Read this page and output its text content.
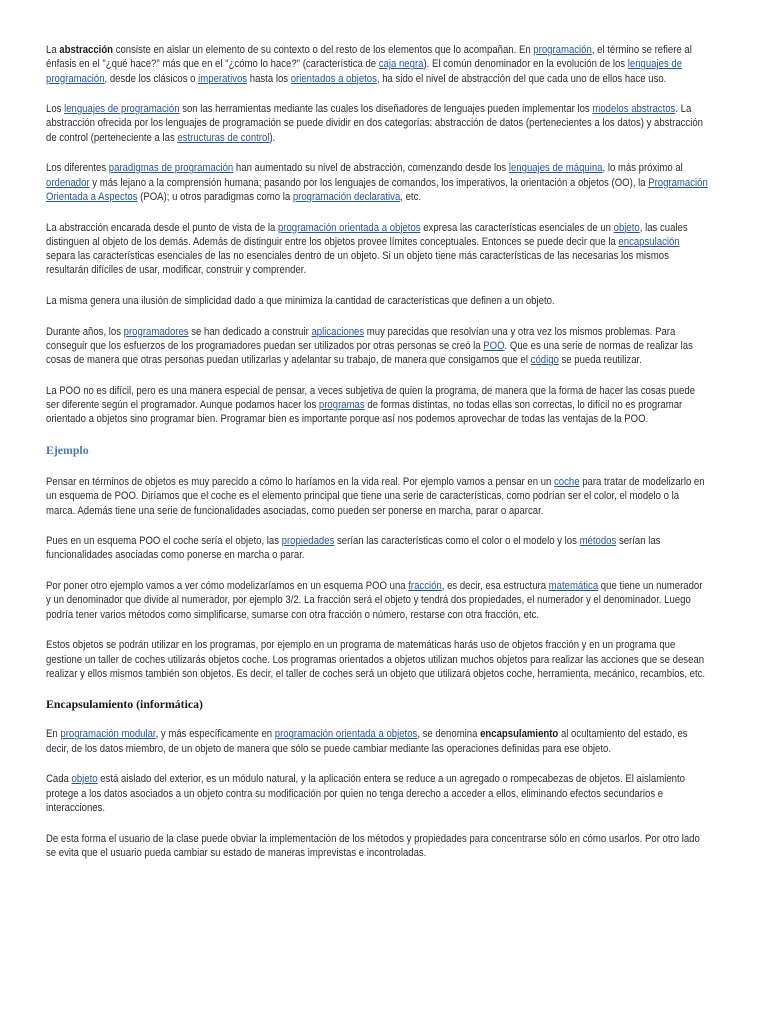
La abstracción consiste en aislar un elemento de su contexto o del resto de los elementos que lo acompañan. En programación, el término se refiere al
énfasis en el "¿qué hace?" más que en el "¿cómo lo hace?" (característica de caja negra). El común denominador en la evolución de los lenguajes de
programación, desde los clásicos o imperativos hasta los orientados a objetos, ha sido el nivel de abstracción del que cada uno de ellos hace uso.
Los lenguajes de programación son las herramientas mediante las cuales los diseñadores de lenguajes pueden implementar los modelos abstractos. La
abstracción ofrecida por los lenguajes de programación se puede dividir en dos categorías: abstracción de datos (pertenecientes a los datos) y abstracción
de control (perteneciente a las estructuras de control).
Los diferentes paradigmas de programación han aumentado su nivel de abstracción, comenzando desde los lenguajes de máquina, lo más próximo al
ordenador y más lejano a la comprensión humana; pasando por los lenguajes de comandos, los imperativos, la orientación a objetos (OO), la Programación
Orientada a Aspectos (POA); u otros paradigmas como la programación declarativa, etc.
La abstracción encarada desde el punto de vista de la programación orientada a objetos expresa las características esenciales de un objeto, las cuales
distinguen al objeto de los demás. Además de distinguir entre los objetos provee límites conceptuales. Entonces se puede decir que la encapsulación
separa las características esenciales de las no esenciales dentro de un objeto. Si un objeto tiene más características de las necesarias los mismos
resultarán difíciles de usar, modificar, construir y comprender.
La misma genera una ilusión de simplicidad dado a que minimiza la cantidad de características que definen a un objeto.
Durante años, los programadores se han dedicado a construir aplicaciones muy parecidas que resolvían una y otra vez los mismos problemas. Para
conseguir que los esfuerzos de los programadores puedan ser utilizados por otras personas se creó la POO. Que es una serie de normas de realizar las
cosas de manera que otras personas puedan utilizarlas y adelantar su trabajo, de manera que consigamos que el código se pueda reutilizar.
La POO no es difícil, pero es una manera especial de pensar, a veces subjetiva de quien la programa, de manera que la forma de hacer las cosas puede
ser diferente según el programador. Aunque podamos hacer los programas de formas distintas, no todas ellas son correctas, lo difícil no es programar
orientado a objetos sino programar bien. Programar bien es importante porque así nos podemos aprovechar de todas las ventajas de la POO.
Ejemplo
Pensar en términos de objetos es muy parecido a cómo lo haríamos en la vida real. Por ejemplo vamos a pensar en un coche para tratar de modelizarlo en
un esquema de POO. Diríamos que el coche es el elemento principal que tiene una serie de características, como podrían ser el color, el modelo o la
marca. Además tiene una serie de funcionalidades asociadas, como pueden ser ponerse en marcha, parar o aparcar.
Pues en un esquema POO el coche sería el objeto, las propiedades serían las características como el color o el modelo y los métodos serían las
funcionalidades asociadas como ponerse en marcha o parar.
Por poner otro ejemplo vamos a ver cómo modelizaríamos en un esquema POO una fracción, es decir, esa estructura matemática que tiene un numerador
y un denominador que divide al numerador, por ejemplo 3/2. La fracción será el objeto y tendrá dos propiedades, el numerador y el denominador. Luego
podría tener varios métodos como simplificarse, sumarse con otra fracción o número, restarse con otra fracción, etc.
Estos objetos se podrán utilizar en los programas, por ejemplo en un programa de matemáticas harás uso de objetos fracción y en un programa que
gestione un taller de coches utilizarás objetos coche. Los programas orientados a objetos utilizan muchos objetos para realizar las acciones que se desean
realizar y ellos mismos también son objetos. Es decir, el taller de coches será un objeto que utilizará objetos coche, herramienta, mecánico, recambios, etc.
Encapsulamiento (informática)
En programación modular, y más específicamente en programación orientada a objetos, se denomina encapsulamiento al ocultamiento del estado, es
decir, de los datos miembro, de un objeto de manera que sólo se puede cambiar mediante las operaciones definidas para ese objeto.
Cada objeto está aislado del exterior, es un módulo natural, y la aplicación entera se reduce a un agregado o rompecabezas de objetos. El aislamiento
protege a los datos asociados a un objeto contra su modificación por quien no tenga derecho a acceder a ellos, eliminando efectos secundarios e
interacciones.
De esta forma el usuario de la clase puede obviar la implementación de los métodos y propiedades para concentrarse sólo en cómo usarlos. Por otro lado
se evita que el usuario pueda cambiar su estado de maneras imprevistas e incontroladas.
